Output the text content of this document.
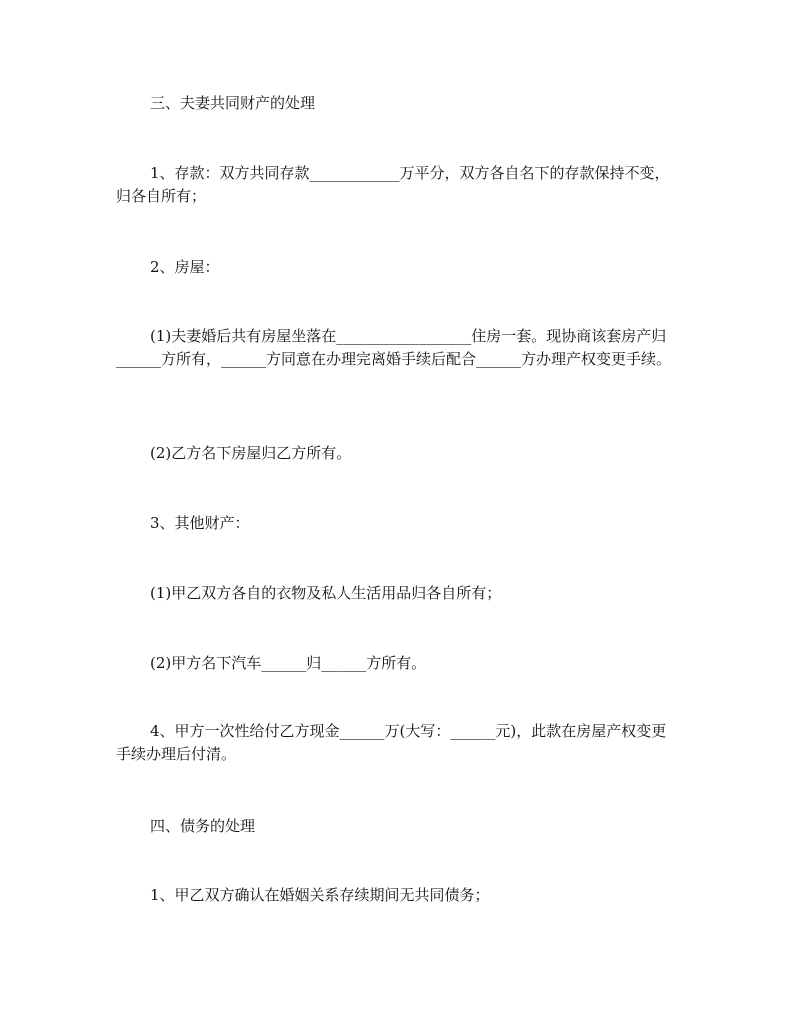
三、夫妻共同财产的处理

1、存款：双方共同存款____________万平分，双方各自名下的存款保持不变，归各自所有；

2、房屋：

(1)夫妻婚后共有房屋坐落在__________________住房一套。现协商该套房产归______方所有，______方同意在办理完离婚手续后配合______方办理产权变更手续。

(2)乙方名下房屋归乙方所有。

3、其他财产：

(1)甲乙双方各自的衣物及私人生活用品归各自所有；

(2)甲方名下汽车______归______方所有。

4、甲方一次性给付乙方现金______万(大写：______元)，此款在房屋产权变更手续办理后付清。

四、债务的处理

1、甲乙双方确认在婚姻关系存续期间无共同债务；
